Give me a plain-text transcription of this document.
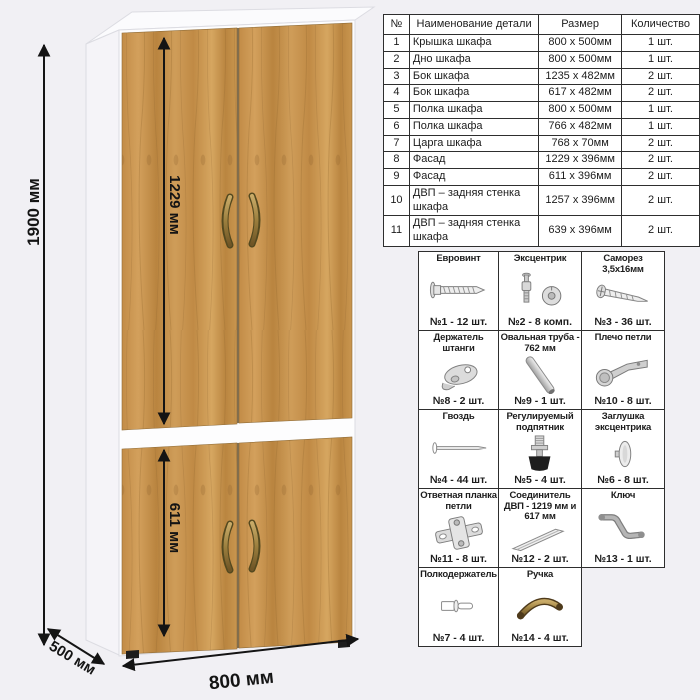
1900 мм	1229 мм
611 мм
500 мм
800 мм
№	Наименование детали	Размер	Количество
1	Крышка шкафа	800 x 500мм	1 шт.
2	Дно шкафа	800 x 500мм	1 шт.
3	Бок шкафа	1235 x 482мм	2 шт.
4	Бок шкафа	617 x 482мм	2 шт.
5	Полка шкафа	800 x 500мм	1 шт.
6	Полка шкафа	766 x 482мм	1 шт.
7	Царга шкафа	768 x 70мм	2 шт.
8	Фасад	1229 x 396мм	2 шт.
9	Фасад	611 x 396мм	2 шт.
10	ДВП – задняя стенка шкафа	1257 x 396мм	2 шт.
11	ДВП – задняя стенка шкафа	639 x 396мм	2 шт.
Евровинт
№1 - 12 шт.
Эксцентрик
№2 - 8 комп.
Саморез 3,5х16мм
№3 - 36 шт.
Держатель штанги
№8 - 2 шт.
Овальная труба - 762 мм
№9 - 1 шт.
Плечо петли
№10 - 8 шт.
Гвоздь
№4 - 44 шт.
Регулируемый подпятник
№5 - 4 шт.
Заглушка эксцентрика
№6 - 8 шт.
Ответная планка петли
№11 - 8 шт.
Соединитель ДВП - 1219 мм и 617 мм
№12 - 2 шт.
Ключ
№13 - 1 шт.
Полкодержатель
№7 - 4 шт.
Ручка
№14 - 4 шт.
